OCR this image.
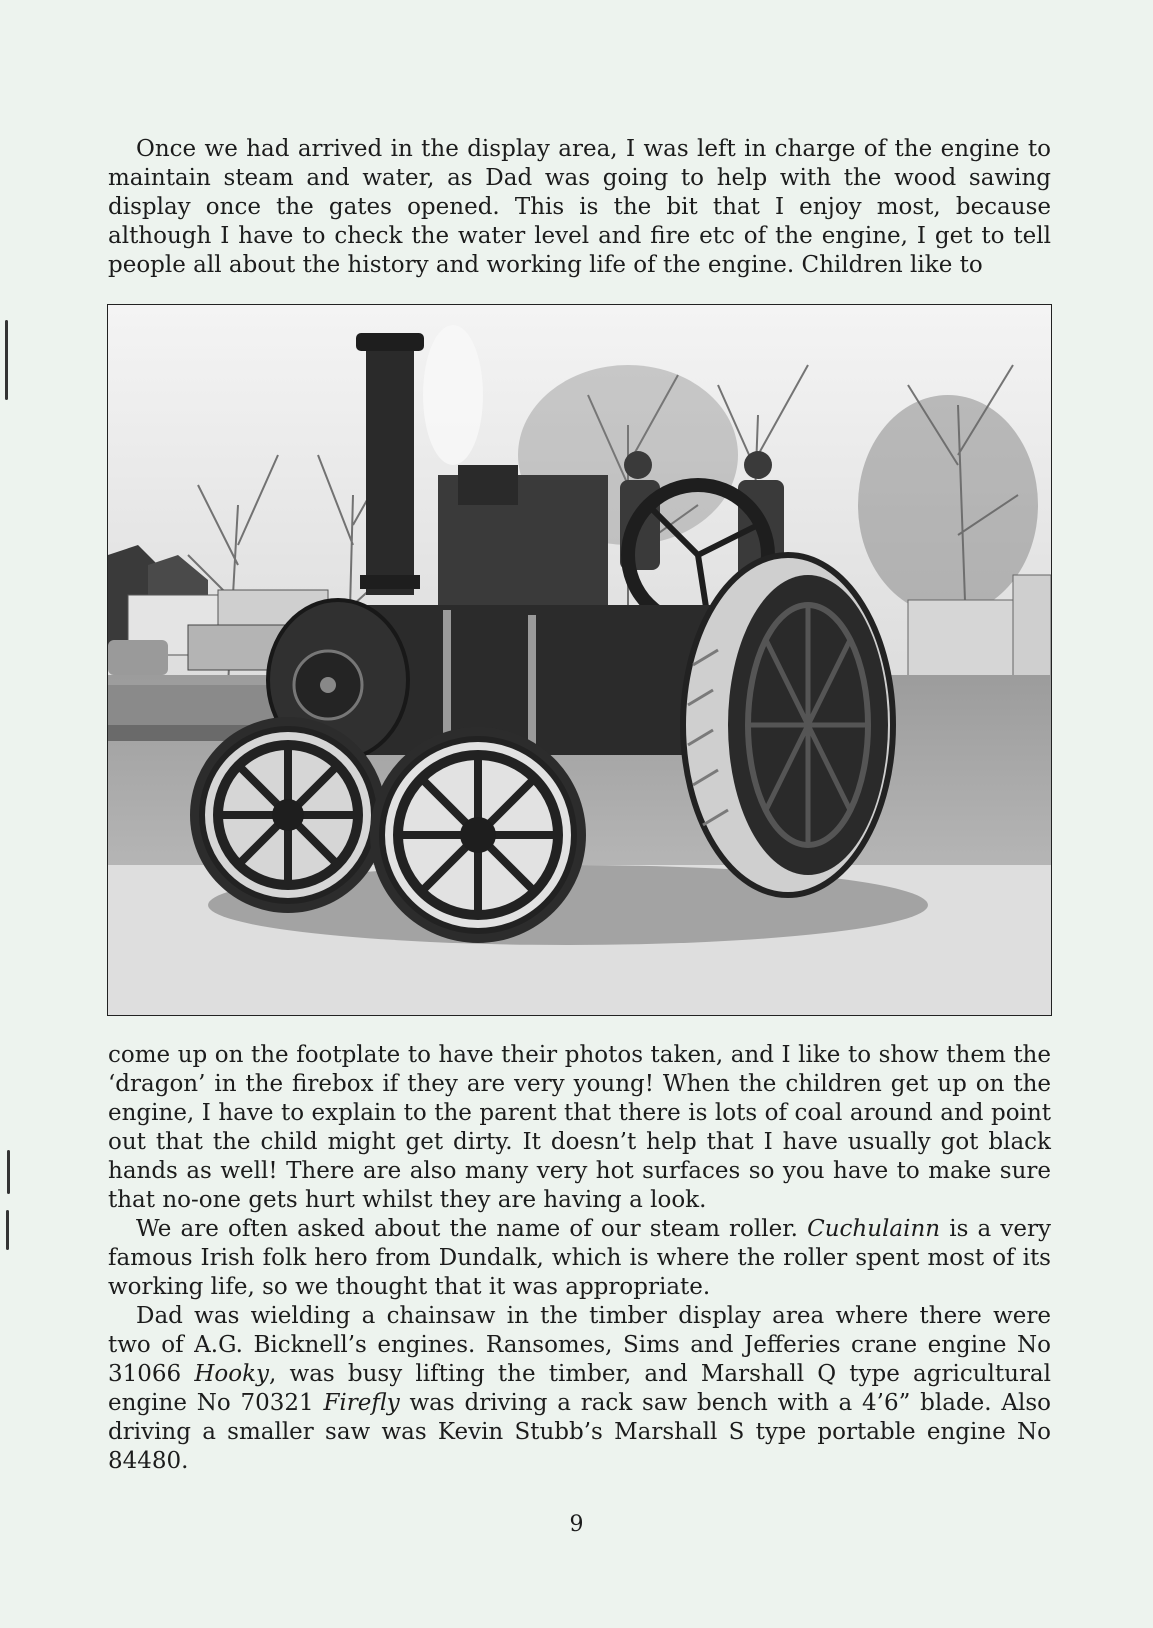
Once we had arrived in the display area, I was left in charge of the engine to maintain steam and water, as Dad was going to help with the wood sawing display once the gates opened. This is the bit that I enjoy most, because although I have to check the water level and fire etc of the engine, I get to tell people all about the history and working life of the engine. Children like to

come up on the footplate to have their photos taken, and I like to show them the ‘dragon’ in the firebox if they are very young! When the children get up on the engine, I have to explain to the parent that there is lots of coal around and point out that the child might get dirty. It doesn’t help that I have usually got black hands as well! There are also many very hot surfaces so you have to make sure that no-one gets hurt whilst they are having a look.

We are often asked about the name of our steam roller. Cuchulainn is a very famous Irish folk hero from Dundalk, which is where the roller spent most of its working life, so we thought that it was appropriate.

Dad was wielding a chainsaw in the timber display area where there were two of A.G. Bicknell’s engines. Ransomes, Sims and Jefferies crane engine No 31066 Hooky, was busy lifting the timber, and Marshall Q type agricultural engine No 70321 Firefly was driving a rack saw bench with a 4’6” blade. Also driving a smaller saw was Kevin Stubb’s Marshall S type portable engine No 84480.

9
